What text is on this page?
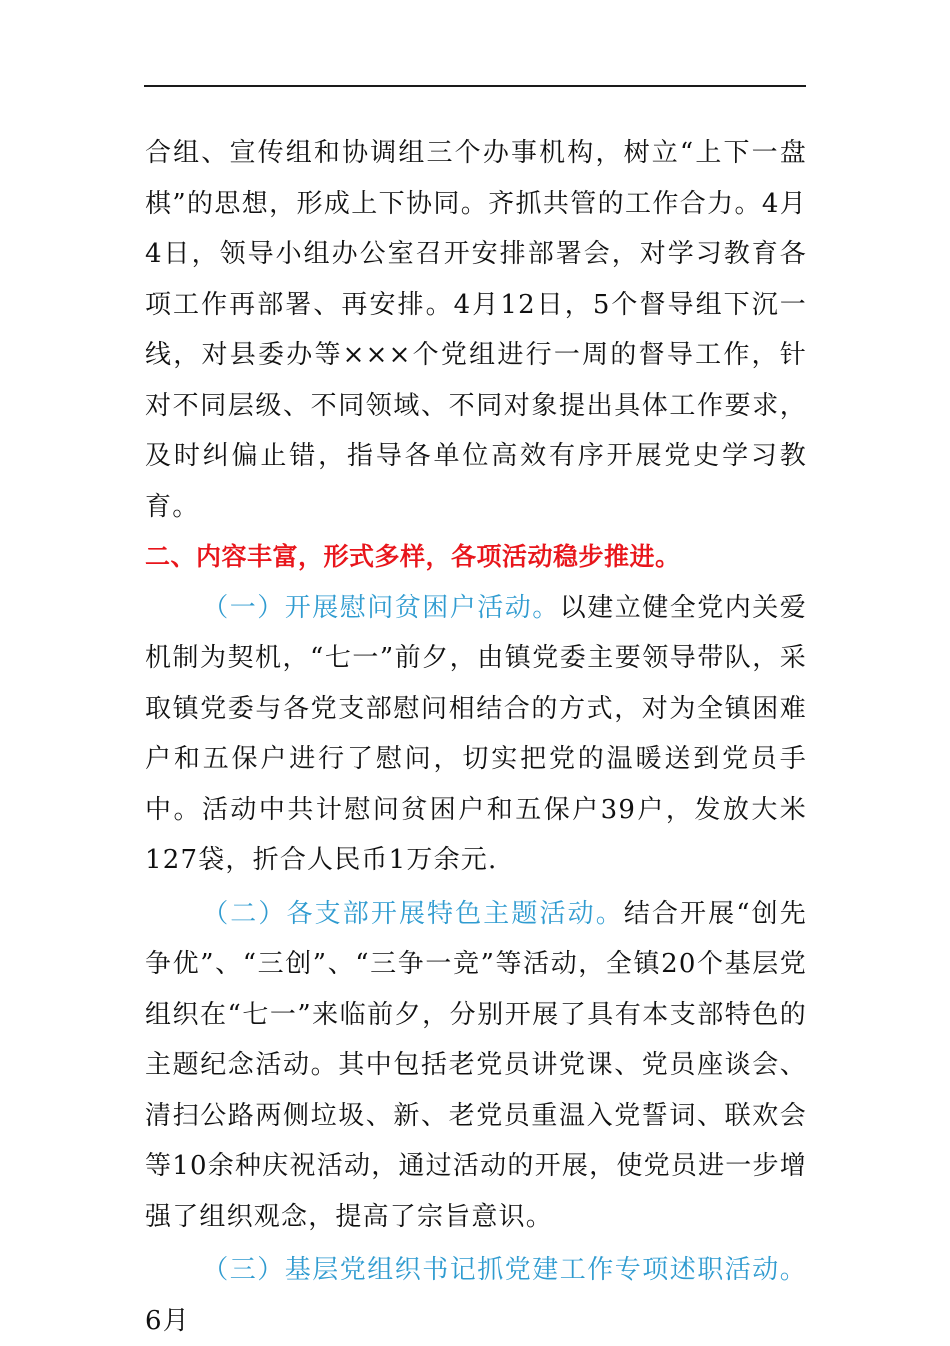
合组、宣传组和协调组三个办事机构，树立“上下一盘棋”的思想，形成上下协同。齐抓共管的工作合力。4月4日，领导小组办公室召开安排部署会，对学习教育各项工作再部署、再安排。4月12日，5个督导组下沉一线，对县委办等×××个党组进行一周的督导工作，针对不同层级、不同领域、不同对象提出具体工作要求，及时纠偏止错，指导各单位高效有序开展党史学习教育。

二、内容丰富，形式多样，各项活动稳步推进。

（一）开展慰问贫困户活动。以建立健全党内关爱机制为契机，“七一”前夕，由镇党委主要领导带队，采取镇党委与各党支部慰问相结合的方式，对为全镇困难户和五保户进行了慰问，切实把党的温暖送到党员手中。活动中共计慰问贫困户和五保户39户，发放大米127袋，折合人民币1万余元.

（二）各支部开展特色主题活动。结合开展“创先争优”、“三创”、“三争一竞”等活动，全镇20个基层党组织在“七一”来临前夕，分别开展了具有本支部特色的主题纪念活动。其中包括老党员讲党课、党员座谈会、清扫公路两侧垃圾、新、老党员重温入党誓词、联欢会等10余种庆祝活动，通过活动的开展，使党员进一步增强了组织观念，提高了宗旨意识。

（三）基层党组织书记抓党建工作专项述职活动。6月
